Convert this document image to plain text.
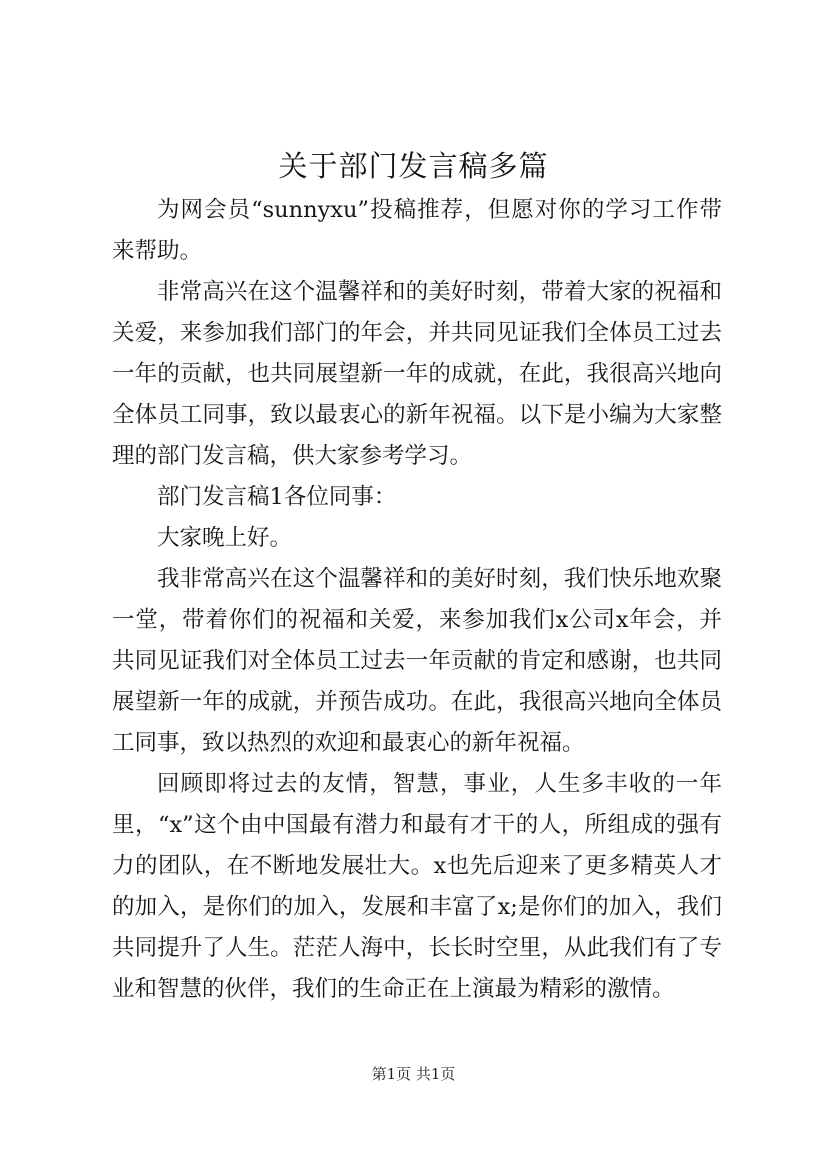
关于部门发言稿多篇

为网会员“sunnyxu”投稿推荐，但愿对你的学习工作带来帮助。

非常高兴在这个温馨祥和的美好时刻，带着大家的祝福和关爱，来参加我们部门的年会，并共同见证我们全体员工过去一年的贡献，也共同展望新一年的成就，在此，我很高兴地向全体员工同事，致以最衷心的新年祝福。以下是小编为大家整理的部门发言稿，供大家参考学习。

部门发言稿1各位同事：

大家晚上好。

我非常高兴在这个温馨祥和的美好时刻，我们快乐地欢聚一堂，带着你们的祝福和关爱，来参加我们x公司x年会，并共同见证我们对全体员工过去一年贡献的肯定和感谢，也共同展望新一年的成就，并预告成功。在此，我很高兴地向全体员工同事，致以热烈的欢迎和最衷心的新年祝福。

回顾即将过去的友情，智慧，事业，人生多丰收的一年里，“x”这个由中国最有潜力和最有才干的人，所组成的强有力的团队，在不断地发展壮大。x也先后迎来了更多精英人才的加入，是你们的加入，发展和丰富了x;是你们的加入，我们共同提升了人生。茫茫人海中，长长时空里，从此我们有了专业和智慧的伙伴，我们的生命正在上演最为精彩的激情。

第1页 共1页
